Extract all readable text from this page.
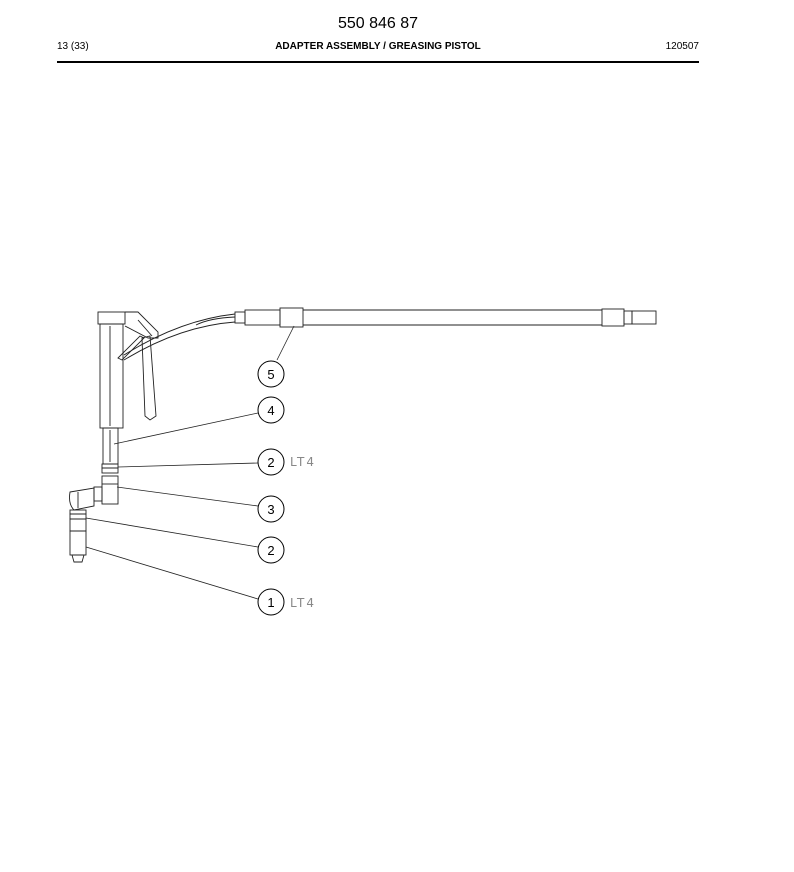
550 846 87
13 (33)	ADAPTER ASSEMBLY / GREASING PISTOL	120507
5
4
2 LT4
3
2
1 LT4
